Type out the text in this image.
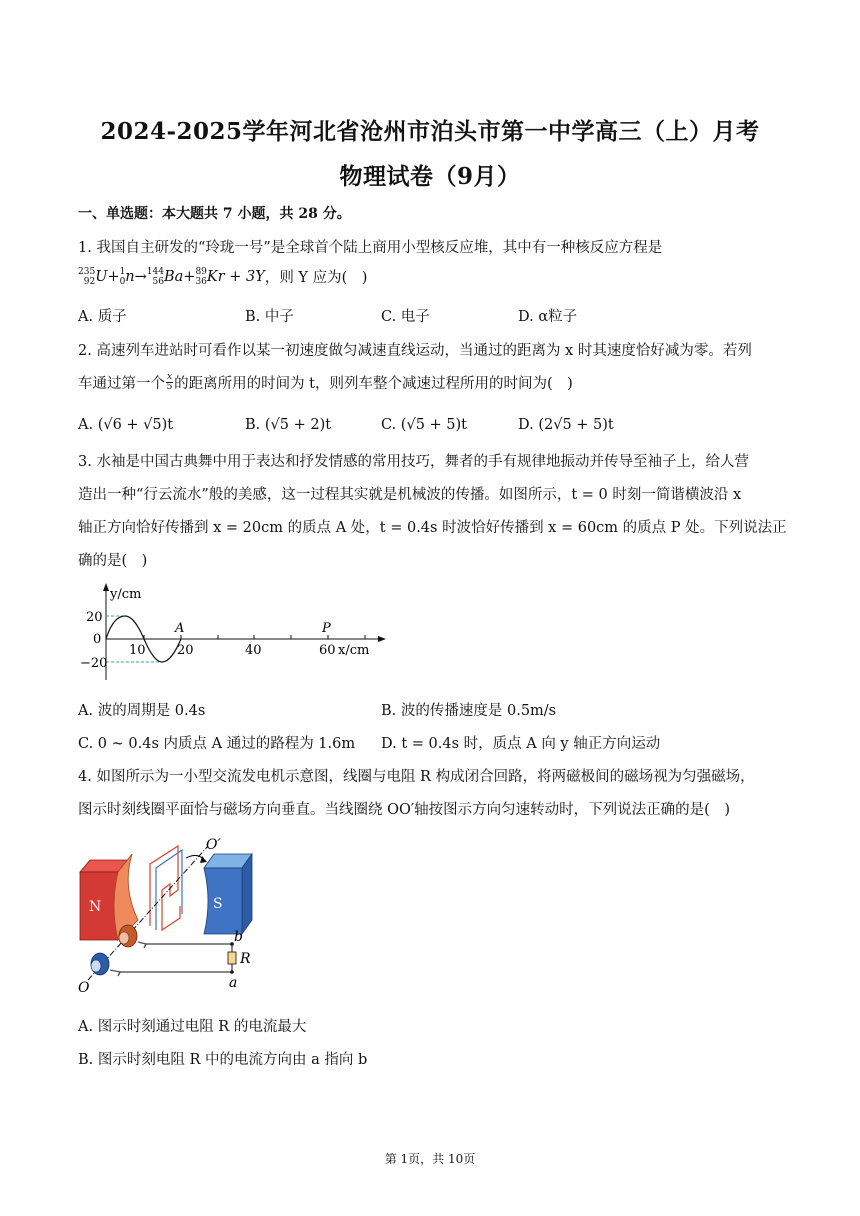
2024-2025学年河北省沧州市泊头市第一中学高三（上）月考
物理试卷（9月）
一、单选题：本大题共 7 小题，共 28 分。
1. 我国自主研发的“玲珑一号”是全球首个陆上商用小型核反应堆，其中有一种核反应方程是
235
92 U+ 1
0 n→ 144
56 Ba+ 89
36 Kr + 3Y ，则 Y 应为(　)
A. 质子	B. 中子	C. 电子	D. α粒子
2. 高速列车进站时可看作以某一初速度做匀减速直线运动，当通过的距离为 x 时其速度恰好减为零。若列
车通过第一个 $\frac{x}{5}$ 的距离所用的时间为 t，则列车整个减速过程所用的时间为(　)
A. (√6 + √5)t	B. (√5 + 2)t	C. (√5 + 5)t	D. (2√5 + 5)t
3. 水袖是中国古典舞中用于表达和抒发情感的常用技巧，舞者的手有规律地振动并传导至袖子上，给人营
造出一种“行云流水”般的美感，这一过程其实就是机械波的传播。如图所示，t = 0 时刻一简谐横波沿 x
轴正方向恰好传播到 x = 20cm 的质点 A 处，t = 0.4s 时波恰好传播到 x = 60cm 的质点 P 处。下列说法正
确的是(　)
y/cm
x/cm
20
0
−20
10 20	40	60
A	P
A. 波的周期是 0.4s	B. 波的传播速度是 0.5m/s
C. 0 ~ 0.4s 内质点 A 通过的路程为 1.6m D. t = 0.4s 时，质点 A 向 y 轴正方向运动
4. 如图所示为一小型交流发电机示意图，线圈与电阻 R 构成闭合回路，将两磁极间的磁场视为匀强磁场，
图示时刻线圈平面恰与磁场方向垂直。当线圈绕 OO′轴按图示方向匀速转动时，下列说法正确的是(　)
N	S
O′
b
R
a
O
A. 图示时刻通过电阻 R 的电流最大
B. 图示时刻电阻 R 中的电流方向由 a 指向 b
第 1页，共 10页
